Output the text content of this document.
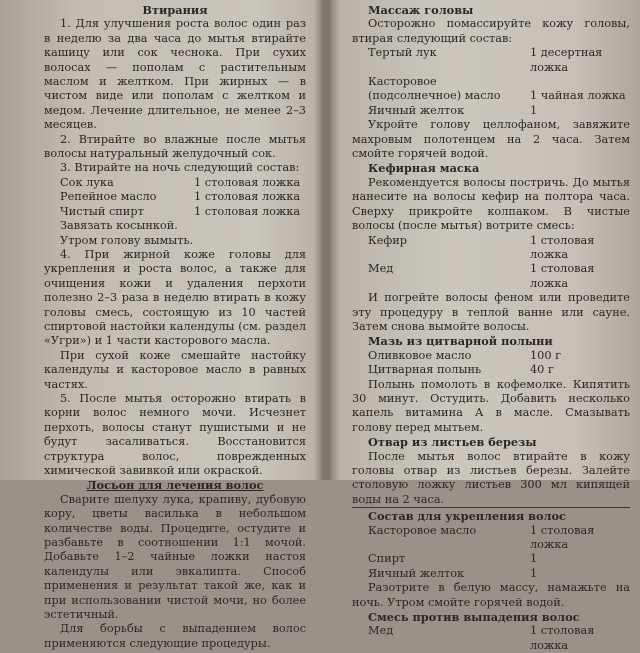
Втирания

1. Для улучшения роста волос один раз в неделю за два часа до мытья втирайте кашицу или сок чеснока. При сухих волосах — пополам с растительным маслом и желтком. При жирных — в чистом виде или пополам с желтком и медом. Лечение длительное, не менее 2–3 месяцев.

2. Втирайте во влажные после мытья волосы натуральный желудочный сок.

3. Втирайте на ночь следующий состав:

Сок лука	1 столовая ложка
Репейное масло	1 столовая ложка
Чистый спирт	1 столовая ложка

Завязать косынкой.

Утром голову вымыть.

4. При жирной коже головы для укрепления и роста волос, а также для очищения кожи и удаления перхоти полезно 2–3 раза в неделю втирать в кожу головы смесь, состоящую из 10 частей спиртовой настойки календулы (см. раздел «Угри») и 1 части касторового масла.

При сухой коже смешайте настойку календулы и касторовое масло в равных частях.

5. После мытья осторожно втирать в корни волос немного мочи. Исчезнет перхоть, волосы станут пушистыми и не будут засаливаться. Восстановится структура волос, поврежденных химической завивкой или окраской.

Лосьон для лечения волос

Сварите шелуху лука, крапиву, дубовую кору, цветы василька в небольшом количестве воды. Процедите, остудите и разбавьте в соотношении 1:1 мочой. Добавьте 1–2 чайные ложки настоя календулы или эвкалипта. Способ применения и результат такой же, как и при использовании чистой мочи, но более эстетичный.

Для борьбы с выпадением волос применяются следующие процедуры.

Массаж головы

Осторожно помассируйте кожу головы, втирая следующий состав:

Тертый лук	1 десертная ложка
Касторовое
(подсолнечное) масло	1 чайная ложка
Яичный желток	1

Укройте голову целлофаном, завяжите махровым полотенцем на 2 часа. Затем смойте горячей водой.

Кефирная маска

Рекомендуется волосы постричь. До мытья нанесите на волосы кефир на полтора часа. Сверху прикройте колпаком. В чистые волосы (после мытья) вотрите смесь:

Кефир	1 столовая ложка
Мед	1 столовая ложка

И погрейте волосы феном или проведите эту процедуру в теплой ванне или сауне. Затем снова вымойте волосы.

Мазь из цитварной полыни

Оливковое масло	100 г
Цитварная полынь	40 г

Полынь помолоть в кофемолке. Кипятить 30 минут. Остудить. Добавить несколько капель витамина А в масле. Смазывать голову перед мытьем.

Отвар из листьев березы

После мытья волос втирайте в кожу головы отвар из листьев березы. Залейте столовую ложку листьев 300 мл кипящей воды на 2 часа.

Состав для укрепления волос

Касторовое масло	1 столовая ложка
Спирт	1
Яичный желток	1

Разотрите в белую массу, намажьте на ночь. Утром смойте горячей водой.

Смесь против выпадения волос

Мед	1 столовая ложка
